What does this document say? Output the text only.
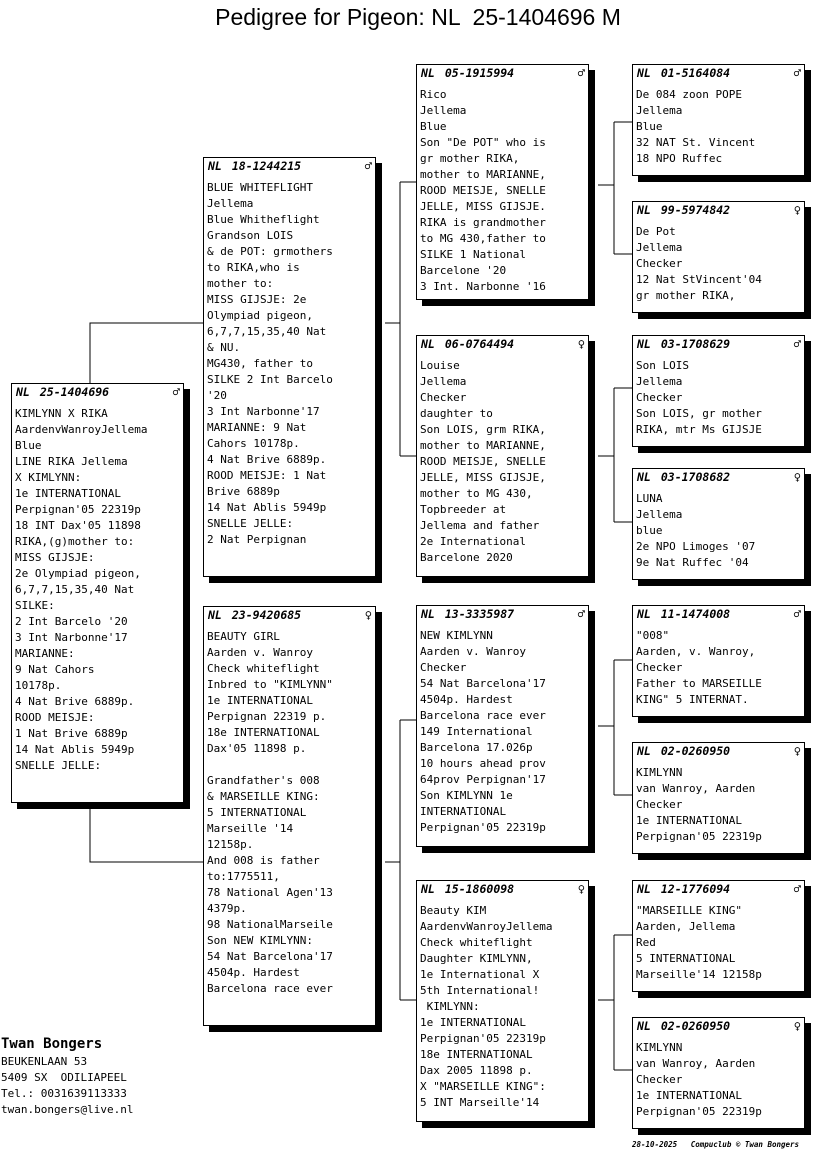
Pedigree for Pigeon: NL  25-1404696 M
NL 25-1404696	♂
KIMLYNN X RIKA
AardenvWanroyJellema
Blue
LINE RIKA Jellema
X KIMLYNN:
1e INTERNATIONAL
Perpignan'05 22319p
18 INT Dax'05 11898
RIKA,(g)mother to:
MISS GIJSJE:
2e Olympiad pigeon,
6,7,7,15,35,40 Nat
SILKE:
2 Int Barcelo '20
3 Int Narbonne'17
MARIANNE:
9 Nat Cahors
10178p.
4 Nat Brive 6889p.
ROOD MEISJE:
1 Nat Brive 6889p
14 Nat Ablis 5949p
SNELLE JELLE:
NL 18-1244215	♂
BLUE WHITEFLIGHT
Jellema
Blue Whitheflight
Grandson LOIS
& de POT: grmothers
to RIKA,who is
mother to:
MISS GIJSJE: 2e
Olympiad pigeon,
6,7,7,15,35,40 Nat
& NU.
MG430, father to
SILKE 2 Int Barcelo
'20
3 Int Narbonne'17
MARIANNE: 9 Nat
Cahors 10178p.
4 Nat Brive 6889p.
ROOD MEISJE: 1 Nat
Brive 6889p
14 Nat Ablis 5949p
SNELLE JELLE:
2 Nat Perpignan
NL 23-9420685	♀
BEAUTY GIRL
Aarden v. Wanroy
Check whiteflight
Inbred to "KIMLYNN"
1e INTERNATIONAL
Perpignan 22319 p.
18e INTERNATIONAL
Dax'05 11898 p.

Grandfather's 008
& MARSEILLE KING:
5 INTERNATIONAL
Marseille '14
12158p.
And 008 is father
to:1775511,
78 National Agen'13
4379p.
98 NationalMarseile
Son NEW KIMLYNN:
54 Nat Barcelona'17
4504p. Hardest
Barcelona race ever
NL 05-1915994	♂
Rico
Jellema
Blue
Son "De POT" who is
gr mother RIKA,
mother to MARIANNE,
ROOD MEISJE, SNELLE
JELLE, MISS GIJSJE.
RIKA is grandmother
to MG 430,father to
SILKE 1 National
Barcelone '20
3 Int. Narbonne '16
NL 06-0764494	♀
Louise
Jellema
Checker
daughter to
Son LOIS, grm RIKA,
mother to MARIANNE,
ROOD MEISJE, SNELLE
JELLE, MISS GIJSJE,
mother to MG 430,
Topbreeder at
Jellema and father
2e International
Barcelone 2020
NL 13-3335987	♂
NEW KIMLYNN
Aarden v. Wanroy
Checker
54 Nat Barcelona'17
4504p. Hardest
Barcelona race ever
149 International
Barcelona 17.026p
10 hours ahead prov
64prov Perpignan'17
Son KIMLYNN 1e
INTERNATIONAL
Perpignan'05 22319p
NL 15-1860098	♀
Beauty KIM
AardenvWanroyJellema
Check whiteflight
Daughter KIMLYNN,
1e International X
5th International!
KIMLYNN:
1e INTERNATIONAL
Perpignan'05 22319p
18e INTERNATIONAL
Dax 2005 11898 p.
X "MARSEILLE KING":
5 INT Marseille'14
NL 01-5164084	♂
De 084 zoon POPE
Jellema
Blue
32 NAT St. Vincent
18 NPO Ruffec
NL 99-5974842	♀
De Pot
Jellema
Checker
12 Nat StVincent'04
gr mother RIKA,
NL 03-1708629	♂
Son LOIS
Jellema
Checker
Son LOIS, gr mother
RIKA, mtr Ms GIJSJE
NL 03-1708682	♀
LUNA
Jellema
blue
2e NPO Limoges '07
9e Nat Ruffec '04
NL 11-1474008	♂
"008"
Aarden, v. Wanroy,
Checker
Father to MARSEILLE
KING" 5 INTERNAT.
NL 02-0260950	♀
KIMLYNN
van Wanroy, Aarden
Checker
1e INTERNATIONAL
Perpignan'05 22319p
NL 12-1776094	♂
"MARSEILLE KING"
Aarden, Jellema
Red
5 INTERNATIONAL
Marseille'14 12158p
NL 02-0260950	♀
KIMLYNN
van Wanroy, Aarden
Checker
1e INTERNATIONAL
Perpignan'05 22319p
Twan Bongers
BEUKENLAAN 53
5409 SX  ODILIAPEEL
Tel.: 0031639113333
twan.bongers@live.nl
28-10-2025   Compuclub © Twan Bongers
